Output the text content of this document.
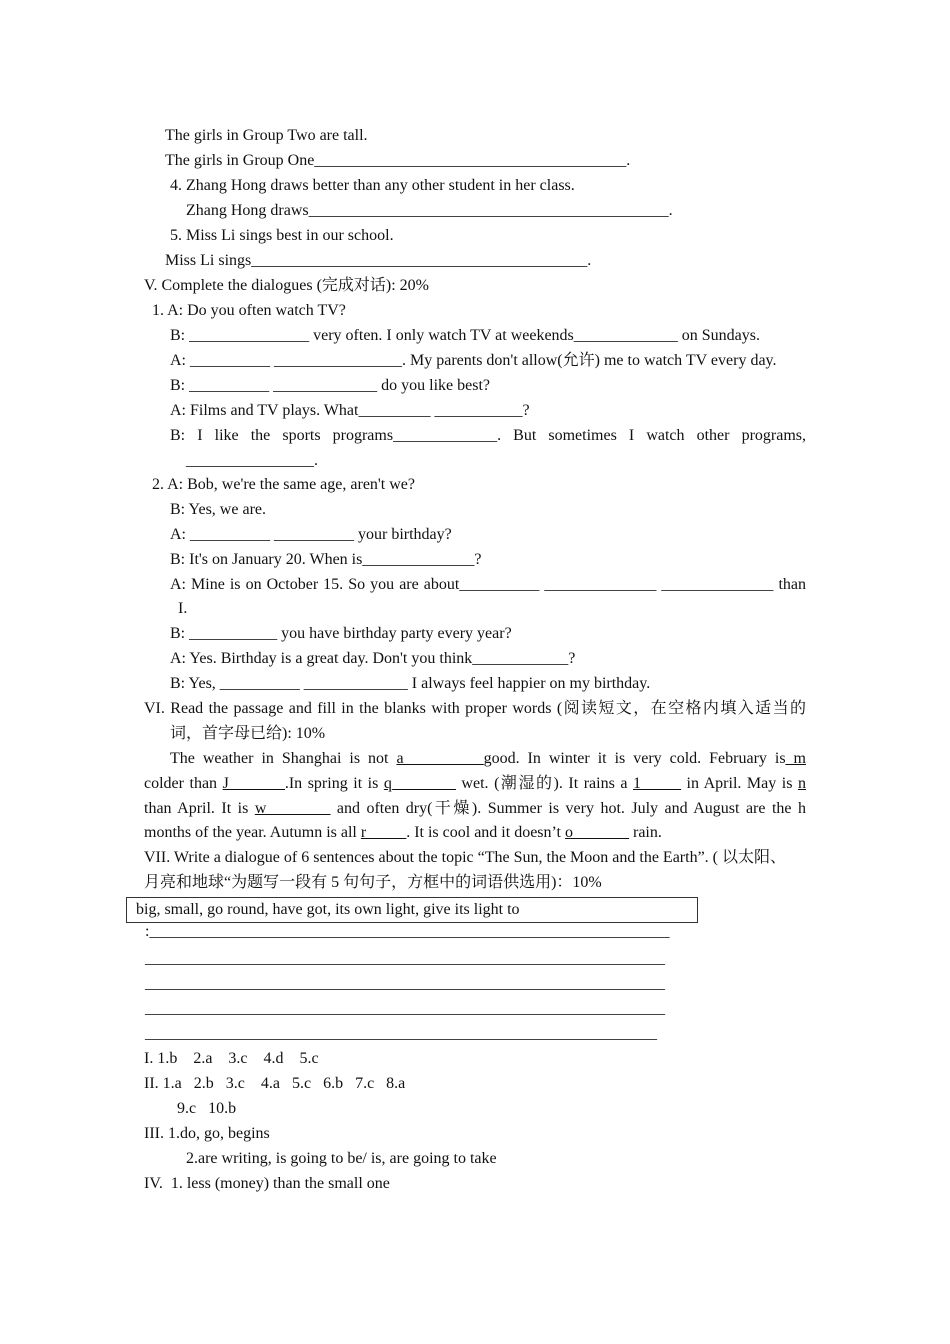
big, small, go round, have got, its own light, give its light to
The girls in Group Two are tall.
The girls in Group One_______________________________________.
4. Zhang Hong draws better than any other student in her class.
Zhang Hong draws_____________________________________________.
5. Miss Li sings best in our school.
Miss Li sings__________________________________________.
V. Complete the dialogues (完成对话): 20%
1. A: Do you often watch TV?
B: _______________ very often. I only watch TV at weekends_____________ on Sundays.
A: __________ ________________. My parents don't allow(允许) me to watch TV every day.
B: __________ _____________ do you like best?
A: Films and TV plays. What_________ ___________?
B: I like the sports programs_____________. But sometimes I watch other programs,
________________.
2. A: Bob, we're the same age, aren't we?
B: Yes, we are.
A: __________ __________ your birthday?
B: It's on January 20. When is______________?
A: Mine is on October 15. So you are about__________ ______________ ______________ than
I.
B: ___________ you have birthday party every year?
A: Yes. Birthday is a great day. Don't you think____________?
B: Yes, __________ _____________ I always feel happier on my birthday.
VI. Read the passage and fill in the blanks with proper words (阅读短文，在空格内填入适当的
词，首字母已给): 10%
The weather in Shanghai is not a__________good. In winter it is very cold. February is_m
colder than J_______.In spring it is q________ wet. (潮湿的). It rains a 1_____ in April. May is n
than April. It is w________ and often dry(干燥). Summer is very hot. July and August are the h
months of the year. Autumn is all r_____. It is cool and it doesn’t o_______ rain.
VII. Write a dialogue of 6 sentences about the topic “The Sun, the Moon and the Earth”. ( 以太阳、
月亮和地球“为题写一段有 5 句句子，方框中的词语供选用)：10%
:_________________________________________________________________
_________________________________________________________________
_________________________________________________________________
_________________________________________________________________
________________________________________________________________
I. 1.b    2.a    3.c    4.d    5.c
II. 1.a   2.b   3.c    4.a   5.c   6.b   7.c   8.a
9.c   10.b
III. 1.do, go, begins
2.are writing, is going to be/ is, are going to take
IV.  1. less (money) than the small one
